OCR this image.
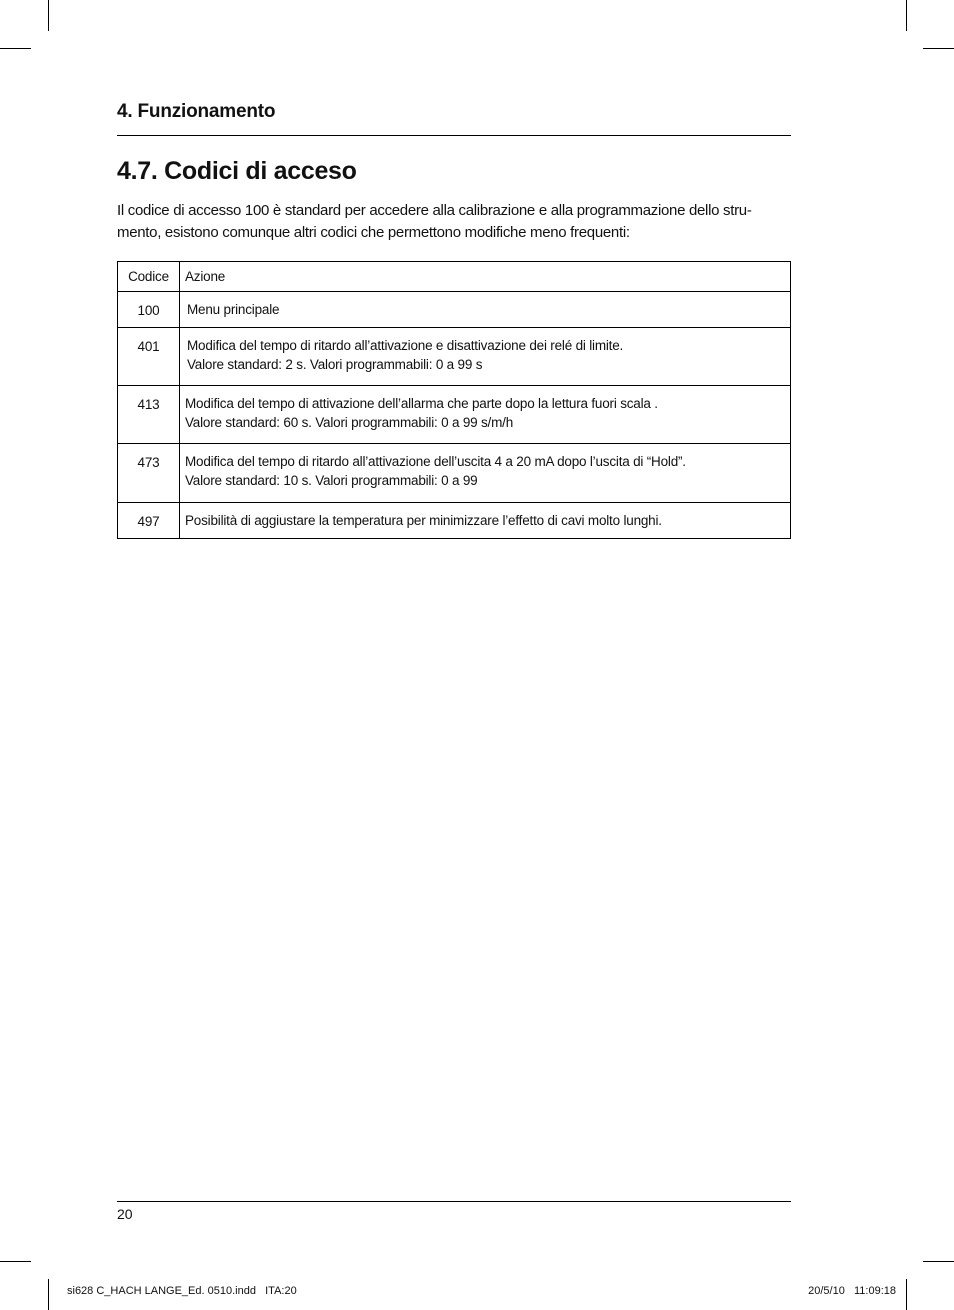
4. Funzionamento
4.7. Codici di acceso
Il codice di accesso 100 è standard per accedere alla calibrazione e alla programmazione dello stru-
mento, esistono comunque altri codici che permettono modifiche meno frequenti:
Codice	Azione

100	Menu principale

401	Modifica del tempo di ritardo all’attivazione e disattivazione dei relé di limite.
Valore standard: 2 s. Valori programmabili: 0 a 99 s

413	Modifica del tempo di attivazione dell’allarma che parte dopo la lettura fuori scala .
Valore standard: 60 s. Valori programmabili: 0 a 99 s/m/h

473	Modifica del tempo di ritardo all’attivazione dell’uscita 4 a 20 mA dopo l’uscita di “Hold”.
Valore standard: 10 s. Valori programmabili: 0 a 99

497	Posibilità di aggiustare la temperatura per minimizzare l’effetto di cavi molto lunghi.
20
si628 C_HACH LANGE_Ed. 0510.indd   ITA:20	20/5/10   11:09:18
